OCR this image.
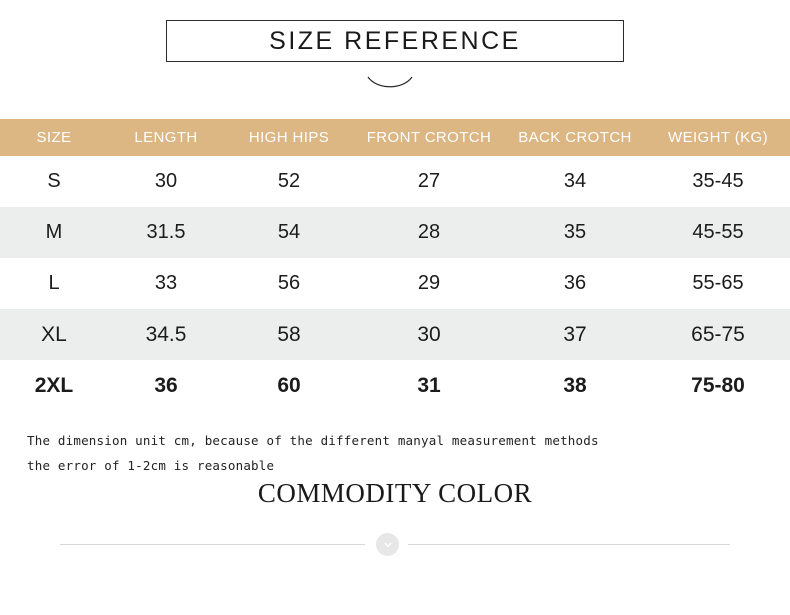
SIZE REFERENCE
SIZE	LENGTH	HIGH HIPS	FRONT CROTCH	BACK CROTCH	WEIGHT (KG)
S	30	52	27	34	35-45
M	31.5	54	28	35	45-55
L	33	56	29	36	55-65
XL	34.5	58	30	37	65-75
2XL	36	60	31	38	75-80
The dimension unit cm, because of the different manyal measurement methods
the error of 1-2cm is reasonable
COMMODITY COLOR
